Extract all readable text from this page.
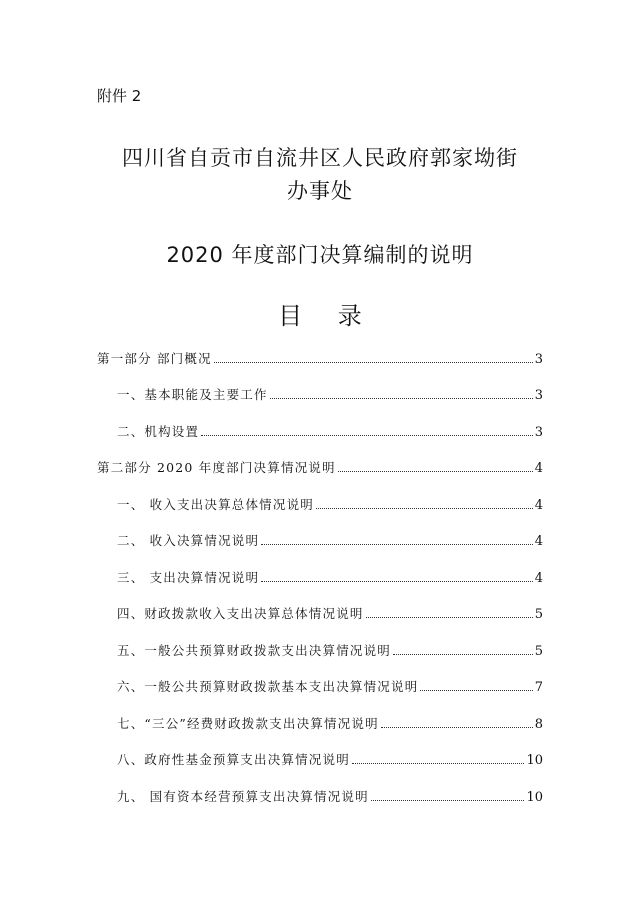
附件 2
四川省自贡市自流井区人民政府郭家坳街
办事处
2020 年度部门决算编制的说明
目 录
第一部分 部门概况	3
一、基本职能及主要工作	3
二、机构设置	3
第二部分 2020 年度部门决算情况说明	4
一、 收入支出决算总体情况说明	4
二、 收入决算情况说明	4
三、 支出决算情况说明	4
四、财政拨款收入支出决算总体情况说明	5
五、一般公共预算财政拨款支出决算情况说明	5
六、一般公共预算财政拨款基本支出决算情况说明	7
七、“三公”经费财政拨款支出决算情况说明	8
八、政府性基金预算支出决算情况说明	10
九、 国有资本经营预算支出决算情况说明	10
